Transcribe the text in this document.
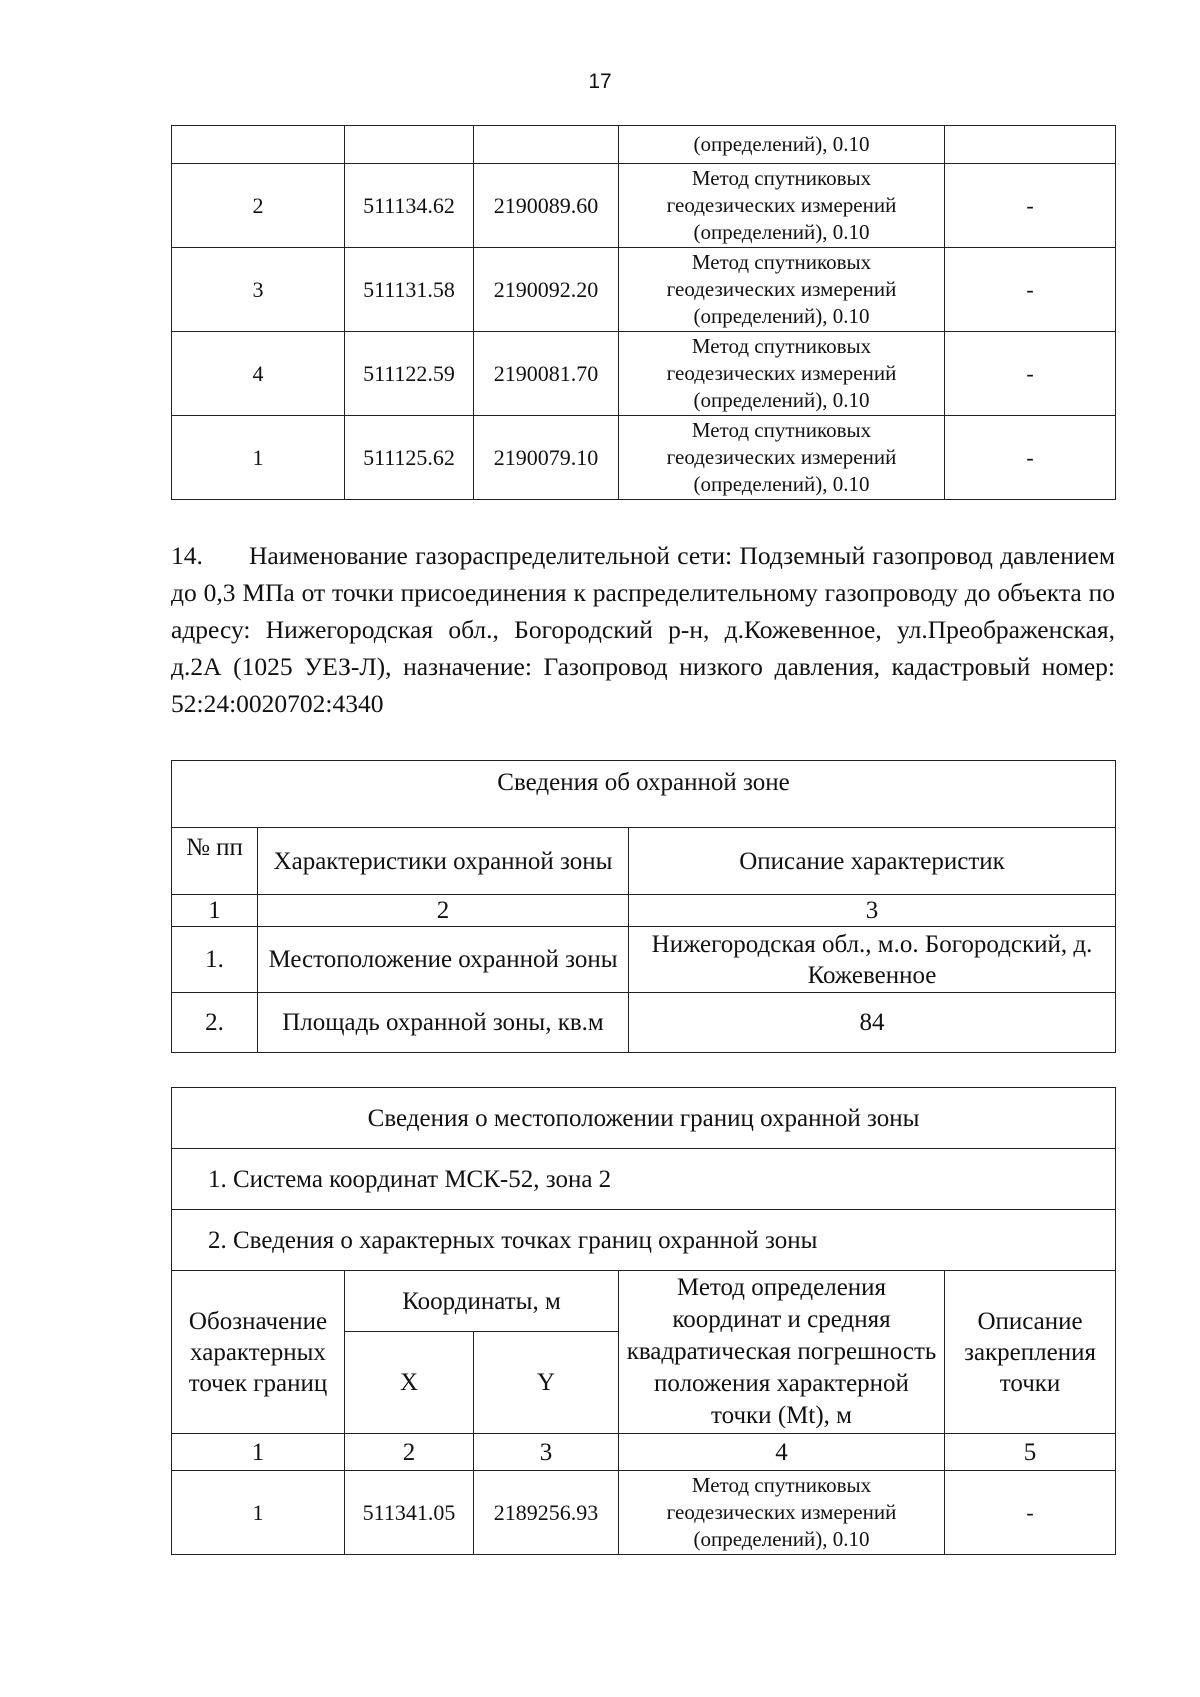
17

			(определений), 0.10	

2	511134.62	2190089.60	Метод спутниковых
геодезических измерений
(определений), 0.10	-
3	511131.58	2190092.20	Метод спутниковых
геодезических измерений
(определений), 0.10	-
4	511122.59	2190081.70	Метод спутниковых
геодезических измерений
(определений), 0.10	-
1	511125.62	2190079.10	Метод спутниковых
геодезических измерений
(определений), 0.10	-
14. Наименование газораспределительной сети: Подземный газопровод давлением до 0,3 МПа от точки присоединения к распределительному газопроводу до объекта по адресу: Нижегородская обл., Богородский р-н, д.Кожевенное, ул.Преображенская, д.2А (1025 УЕЗ-Л), назначение: Газопровод низкого давления, кадастровый номер: 52:24:0020702:4340
Сведения об охранной зоне		
№ пп	Характеристики охранной зоны	Описание характеристик
1	2	3
1.	Местоположение охранной зоны	Нижегородская обл., м.о. Богородский, д. Кожевенное
2.	Площадь охранной зоны, кв.м	84
Сведения о местоположении границ охранной зоны				
1. Система координат МСК-52, зона 2				
2. Сведения о характерных точках границ охранной зоны				
Обозначение характерных точек границ	Координаты, м		Метод определения координат и средняя квадратическая погрешность положения характерной точки (Mt), м	Описание закрепления точки
	X	Y		
1	2	3	4	5
1	511341.05	2189256.93	Метод спутниковых
геодезических измерений
(определений), 0.10	-
